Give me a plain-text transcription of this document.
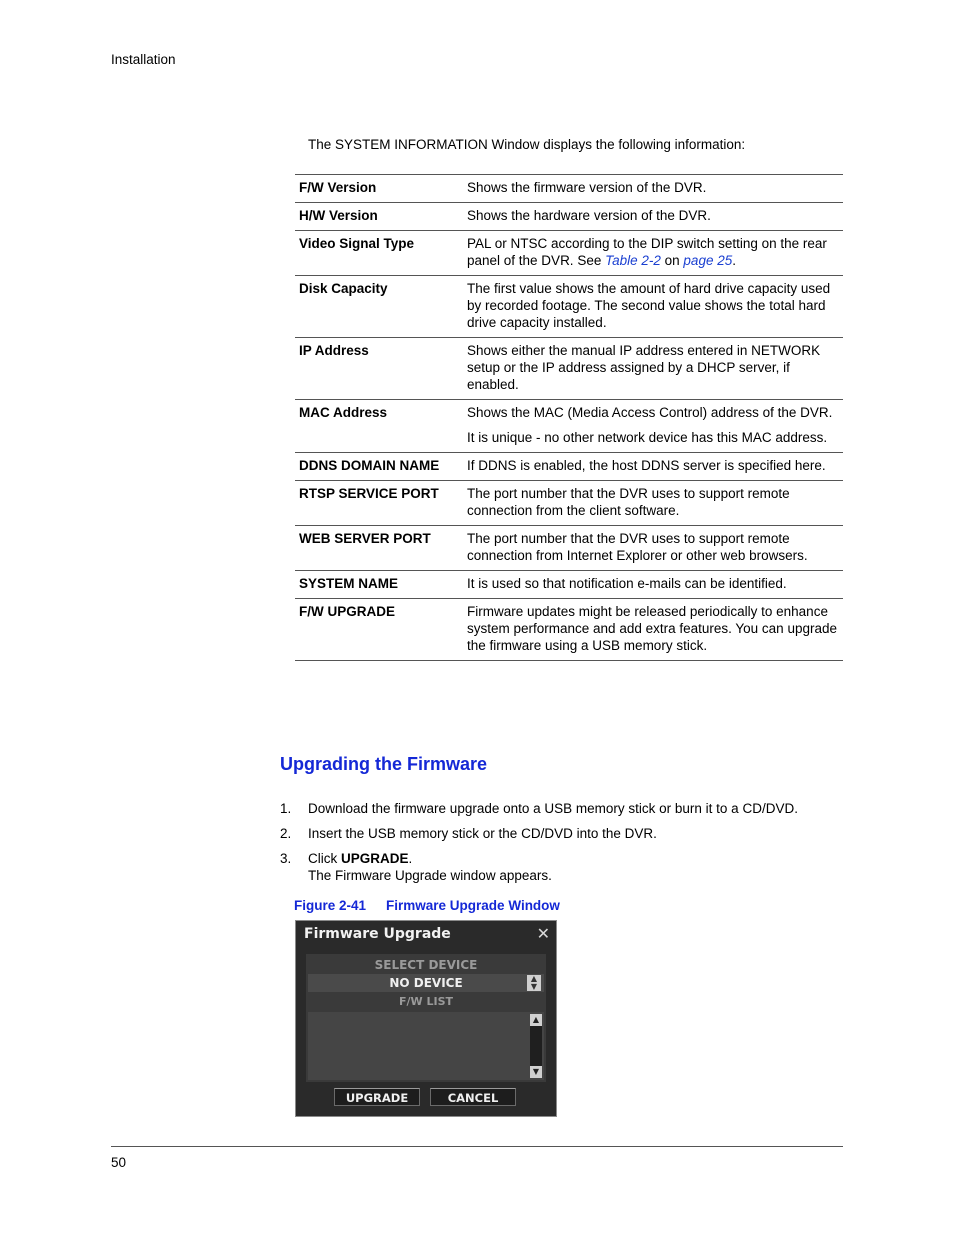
Installation
The SYSTEM INFORMATION Window displays the following information:
F/W Version	Shows the firmware version of the DVR.

H/W Version	Shows the hardware version of the DVR.

Video Signal Type	PAL or NTSC according to the DIP switch setting on the rear panel of the DVR. See Table 2-2 on page 25.

Disk Capacity	The first value shows the amount of hard drive capacity used by recorded footage. The second value shows the total hard drive capacity installed.

IP Address	Shows either the manual IP address entered in NETWORK setup or the IP address assigned by a DHCP server, if enabled.

MAC Address	Shows the MAC (Media Access Control) address of the DVR.

It is unique - no other network device has this MAC address.

DDNS DOMAIN NAME	If DDNS is enabled, the host DDNS server is specified here.

RTSP SERVICE PORT	The port number that the DVR uses to support remote connection from the client software.

WEB SERVER PORT	The port number that the DVR uses to support remote connection from Internet Explorer or other web browsers.

SYSTEM NAME	It is used so that notification e-mails can be identified.

F/W UPGRADE	Firmware updates might be released periodically to enhance system performance and add extra features. You can upgrade the firmware using a USB memory stick.

Upgrading the Firmware
1. Download the firmware upgrade onto a USB memory stick or burn it to a CD/DVD.
2. Insert the USB memory stick or the CD/DVD into the DVR.
3. Click UPGRADE.
The Firmware Upgrade window appears.
Figure 2-41 Firmware Upgrade Window
Firmware Upgrade	✕
SELECT DEVICE
NO DEVICE	▲
▼
F/W LIST
▲
▼
UPGRADE	CANCEL
50
